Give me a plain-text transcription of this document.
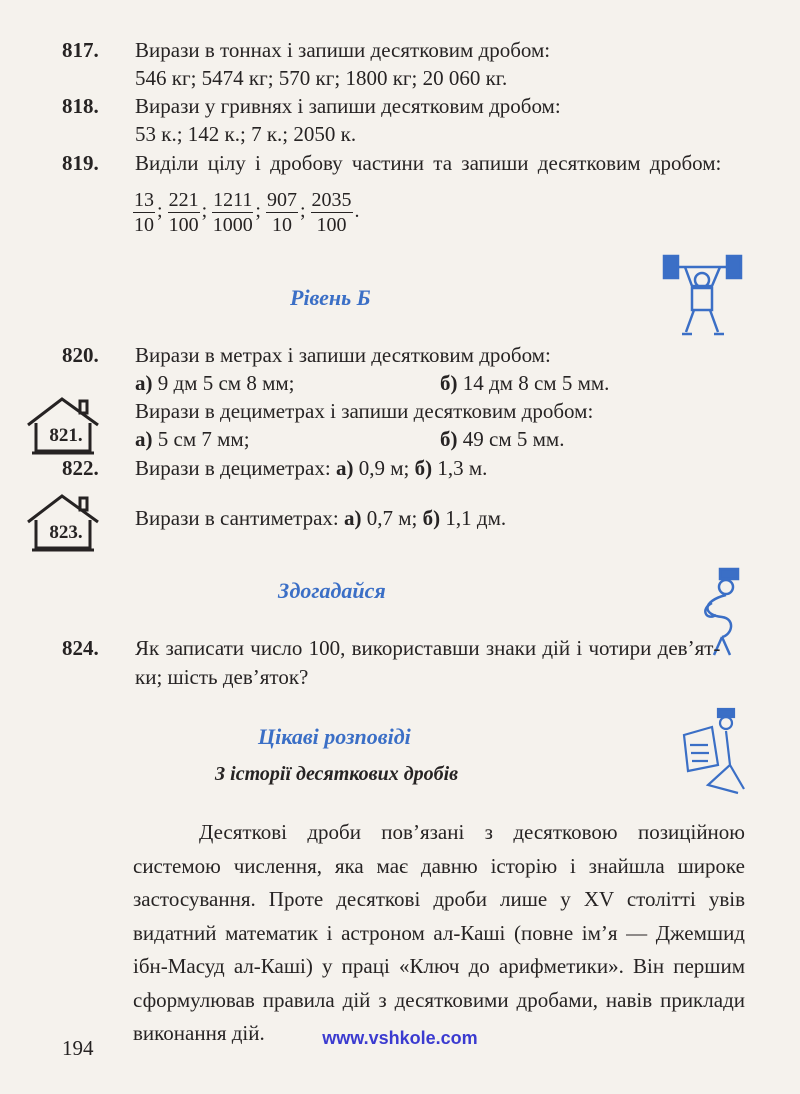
817. Вирази в тоннах і запиши десятковим дробом:
546 кг; 5474 кг; 570 кг; 1800 кг; 20 060 кг.
818. Вирази у гривнях і запиши десятковим дробом:
53 к.; 142 к.; 7 к.; 2050 к.
819. Виділи цілу і дробову частини та запиши десятковим дробом:
$\frac{13}{10}$ ; $\frac{221}{100}$ ; $\frac{1211}{1000}$ ; $\frac{907}{10}$ ; $\frac{2035}{100}$ .
Рівень Б
820. Вирази в метрах і запиши десятковим дробом:
а) 9 дм 5 см 8 мм;	б) 14 дм 8 см 5 мм.
821.
Вирази в дециметрах і запиши десятковим дробом:
а) 5 см 7 мм;	б) 49 см 5 мм.
822. Вирази в дециметрах: а) 0,9 м; б) 1,3 м.
823.
Вирази в сантиметрах: а) 0,7 м; б) 1,1 дм.
Здогадайся
824. Як записати число 100, використавши знаки дій і чотири дев’ят-
ки; шість дев’яток?
Цікаві розповіді
З історії десяткових дробів
Десяткові дроби пов’язані з десятковою позиційною системою числення, яка має давню історію і знайшла широке застосування. Проте десяткові дроби лише у XV столітті увів видатний математик і астроном ал-Каші (повне ім’я — Джемшид ібн-Масуд ал-Каші) у праці «Ключ до арифметики». Він першим сформулював правила дій з десятковими дробами, навів приклади виконання дій.
194	www.vshkole.com
